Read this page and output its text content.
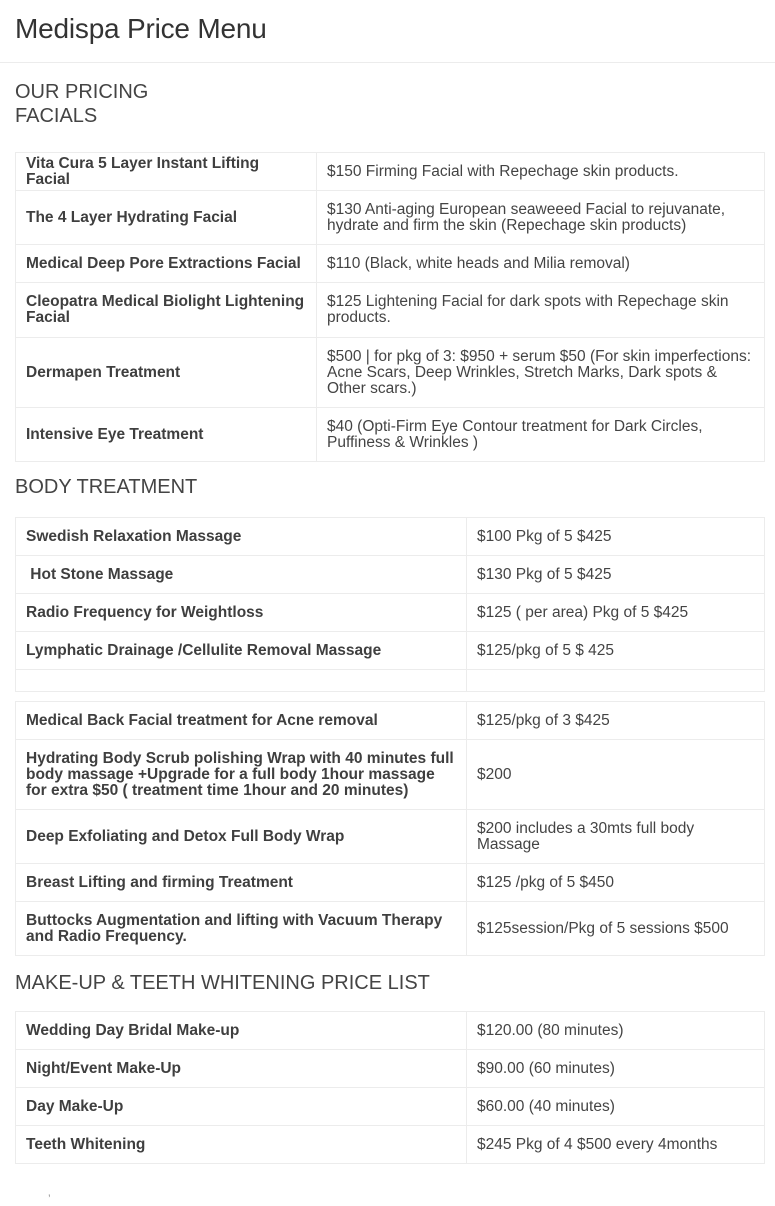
Medispa Price Menu
OUR PRICING
FACIALS
Vita Cura 5 Layer Instant Lifting Facial	$150 Firming Facial with Repechage skin products.
The 4 Layer Hydrating Facial	$130 Anti-aging European seaweeed Facial to rejuvanate, hydrate and firm the skin (Repechage skin products)
Medical Deep Pore Extractions Facial	$110 (Black, white heads and Milia removal)
Cleopatra Medical Biolight Lightening Facial	$125 Lightening Facial for dark spots with Repechage skin products.
Dermapen Treatment	$500 | for pkg of 3: $950 + serum $50 (For skin imperfections: Acne Scars, Deep Wrinkles, Stretch Marks, Dark spots & Other scars.)
Intensive Eye Treatment	$40 (Opti-Firm Eye Contour treatment for Dark Circles, Puffiness & Wrinkles )
BODY TREATMENT
Swedish Relaxation Massage	$100 Pkg of 5 $425
Hot Stone Massage	$130 Pkg of 5 $425
Radio Frequency for Weightloss	$125 ( per area) Pkg of 5 $425
Lymphatic Drainage /Cellulite Removal Massage	$125/pkg of 5 $ 425

Medical Back Facial treatment for Acne removal	$125/pkg of 3 $425
Hydrating Body Scrub polishing Wrap with 40 minutes full body massage +Upgrade for a full body 1hour massage for extra $50 ( treatment time 1hour and 20 minutes)	$200
Deep Exfoliating and Detox Full Body Wrap	$200 includes a 30mts full body Massage
Breast Lifting and firming Treatment	$125 /pkg of 5 $450
Buttocks Augmentation and lifting with Vacuum Therapy and Radio Frequency.	$125session/Pkg of 5 sessions $500
MAKE-UP & TEETH WHITENING PRICE LIST
Wedding Day Bridal Make-up	$120.00 (80 minutes)
Night/Event Make-Up	$90.00 (60 minutes)
Day Make-Up	$60.00 (40 minutes)
Teeth Whitening	$245 Pkg of 4 $500 every 4months
’
